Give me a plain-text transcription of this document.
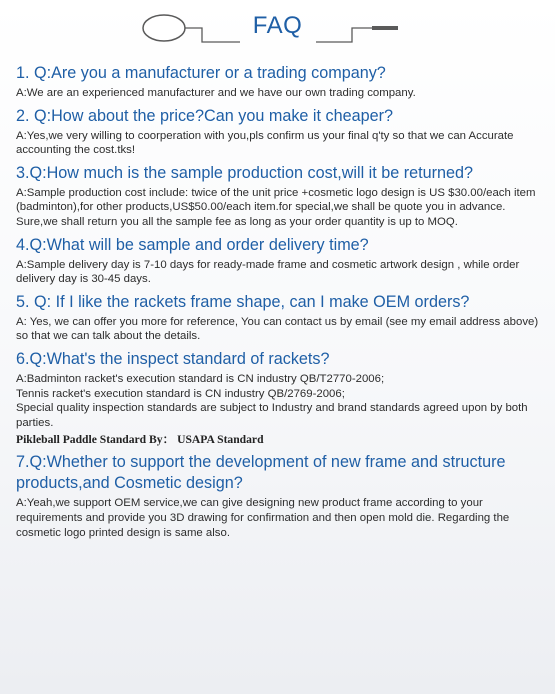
FAQ
1. Q:Are you a manufacturer or a trading company?

A:We are an experienced manufacturer and we have our own trading company.

2. Q:How about the price?Can you make it cheaper?

A:Yes,we very willing to coorperation with you,pls confirm us your final q'ty so that we can Accurate accounting the cost.tks!

3.Q:How much is the sample production cost,will it be returned?

A:Sample production cost include: twice of the unit price +cosmetic logo design is US $30.00/each item (badminton),for other products,US$50.00/each item.for special,we shall be quote you in advance.

Sure,we shall return you all the sample fee as long as your order quantity is up to MOQ.

4.Q:What will be sample and order delivery time?

A:Sample delivery day is 7-10 days for ready-made frame and cosmetic artwork design , while order delivery day is 30-45 days.

5. Q: If I like the rackets frame shape, can I make OEM orders?

A: Yes, we can offer you more for reference, You can contact us by email (see my email address above) so that we can talk about the details.

6.Q:What's the inspect standard of rackets?

A:Badminton racket's execution standard is CN industry QB/T2770-2006;

Tennis racket's execution standard is CN industry QB/2769-2006;

Special quality inspection standards are subject to Industry and brand standards agreed upon by both parties.

Pikleball Paddle Standard By： USAPA Standard
7.Q:Whether to support the development of new frame and structure products,and Cosmetic design?

A:Yeah,we support OEM service,we can give designing new product frame according to your requirements and provide you 3D drawing for confirmation and then open mold die. Regarding the cosmetic logo printed design is same also.
